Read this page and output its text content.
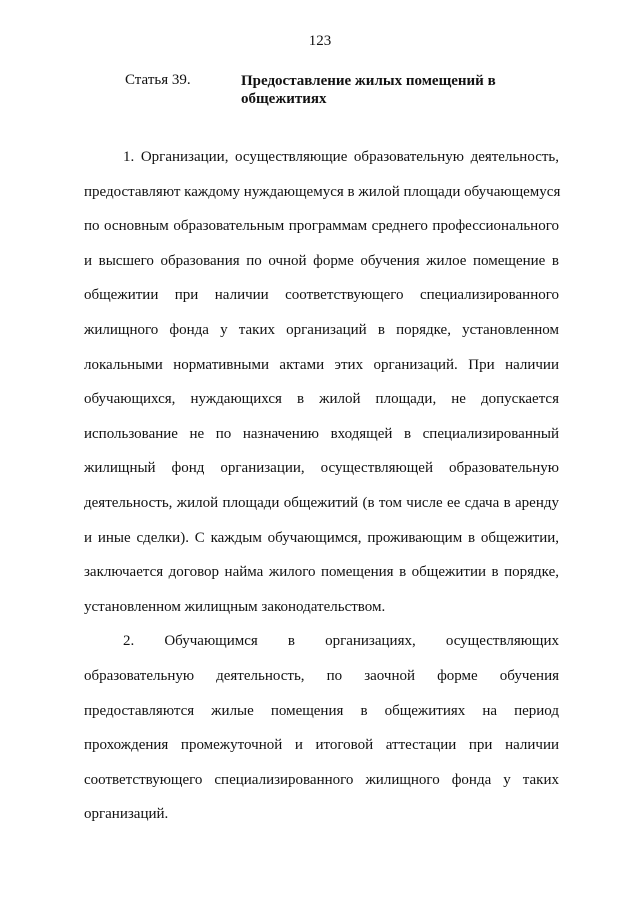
123
Статья 39.	Предоставление жилых помещений в
общежитиях
1. Организации, осуществляющие образовательную деятельность,
предоставляют каждому нуждающемуся в жилой площади обучающемуся
по основным образовательным программам среднего профессионального
и высшего образования по очной форме обучения жилое помещение в
общежитии при наличии соответствующего специализированного
жилищного фонда у таких организаций в порядке, установленном
локальными нормативными актами этих организаций. При наличии
обучающихся, нуждающихся в жилой площади, не допускается
использование не по назначению входящей в специализированный
жилищный фонд организации, осуществляющей образовательную
деятельность, жилой площади общежитий (в том числе ее сдача в аренду
и иные сделки). С каждым обучающимся, проживающим в общежитии,
заключается договор найма жилого помещения в общежитии в порядке,
установленном жилищным законодательством.
2. Обучающимся в организациях, осуществляющих
образовательную деятельность, по заочной форме обучения
предоставляются жилые помещения в общежитиях на период
прохождения промежуточной и итоговой аттестации при наличии
соответствующего специализированного жилищного фонда у таких
организаций.
